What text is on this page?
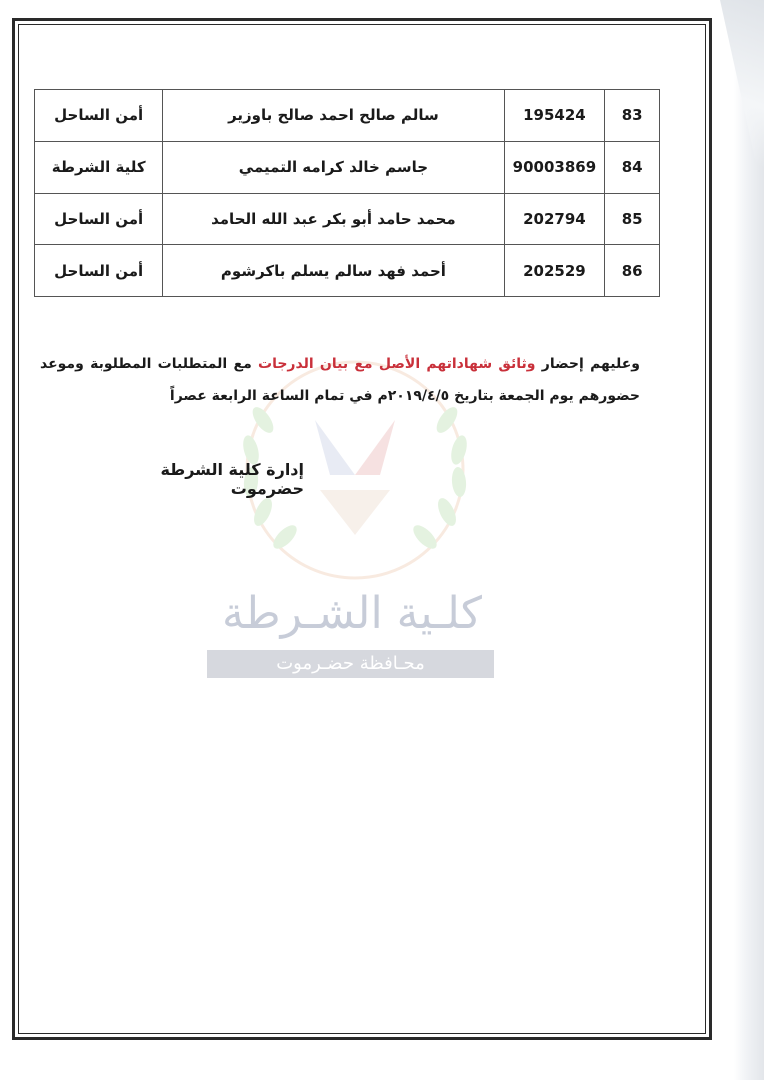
كلـية الشـرطة
محـافظة حضـرموت
83	195424	سالم صالح احمد صالح باوزير	أمن الساحل
84	90003869	جاسم خالد كرامه التميمي	كلية الشرطة
85	202794	محمد حامد أبو بكر عبد الله الحامد	أمن الساحل
86	202529	أحمد فهد سالم يسلم باكرشوم	أمن الساحل
وعليهم إحضار وثائق شهاداتهم الأصل مع بيان الدرجات مع المتطلبات المطلوبة وموعد حضورهم يوم الجمعة بتاريخ ٢٠١٩/٤/٥م في تمام الساعة الرابعة عصراً
إدارة كلية الشرطة حضرموت
